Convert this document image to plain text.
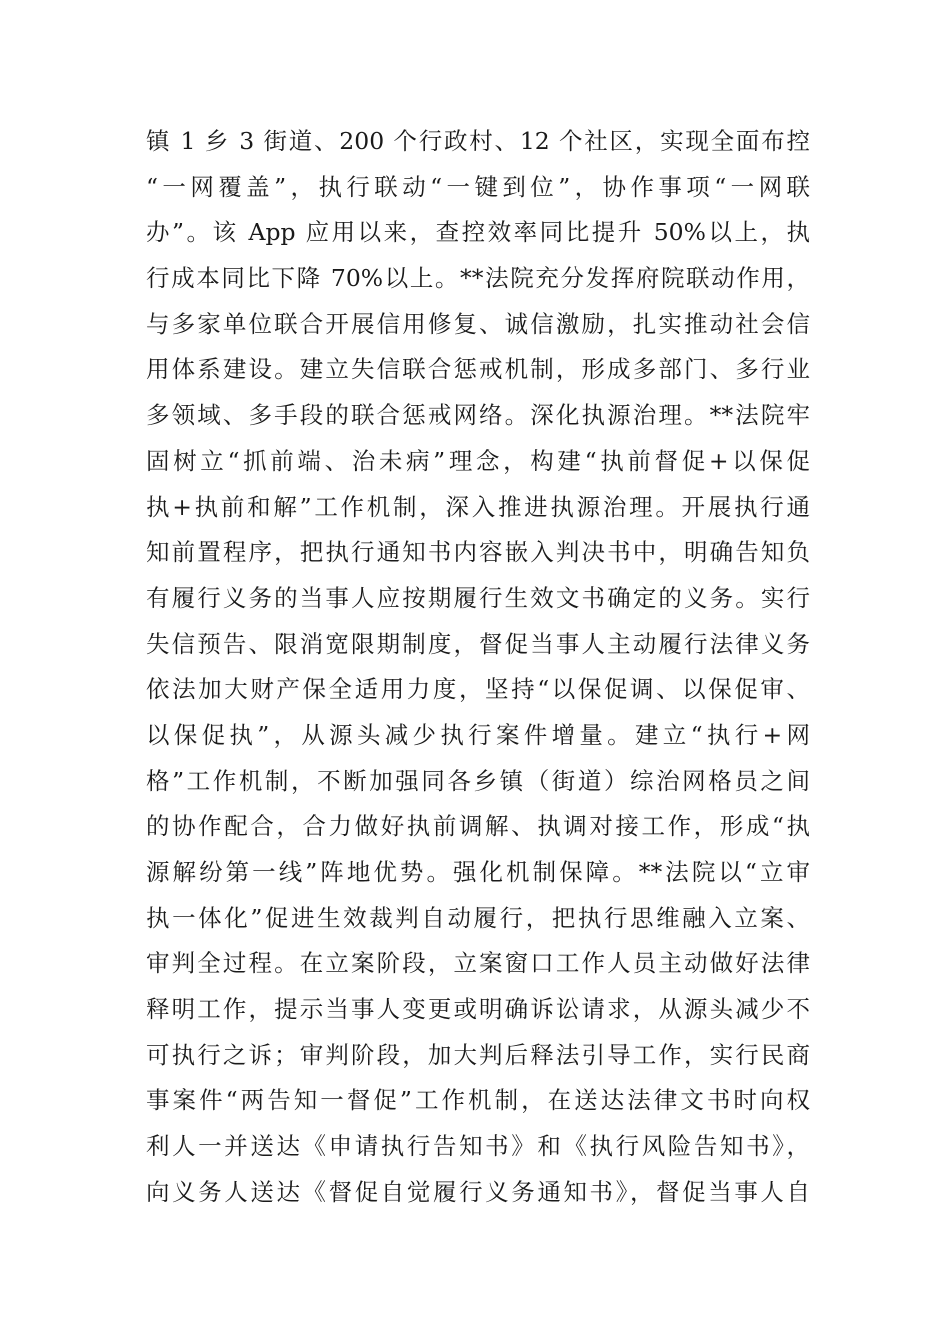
镇 1 乡 3 街道、200 个行政村、12 个社区，实现全面布控
“一网覆盖”，执行联动“一键到位”，协作事项“一网联
办”。该 App 应用以来，查控效率同比提升 50%以上，执
行成本同比下降 70%以上。**法院充分发挥府院联动作用，
与多家单位联合开展信用修复、诚信激励，扎实推动社会信
用体系建设。建立失信联合惩戒机制，形成多部门、多行业
多领域、多手段的联合惩戒网络。深化执源治理。**法院牢
固树立“抓前端、治未病”理念，构建“执前督促+以保促
执+执前和解”工作机制，深入推进执源治理。开展执行通
知前置程序，把执行通知书内容嵌入判决书中，明确告知负
有履行义务的当事人应按期履行生效文书确定的义务。实行
失信预告、限消宽限期制度，督促当事人主动履行法律义务
依法加大财产保全适用力度，坚持“以保促调、以保促审、
以保促执”，从源头减少执行案件增量。建立“执行+网
格”工作机制，不断加强同各乡镇（街道）综治网格员之间
的协作配合，合力做好执前调解、执调对接工作，形成“执
源解纷第一线”阵地优势。强化机制保障。**法院以“立审
执一体化”促进生效裁判自动履行，把执行思维融入立案、
审判全过程。在立案阶段，立案窗口工作人员主动做好法律
释明工作，提示当事人变更或明确诉讼请求，从源头减少不
可执行之诉；审判阶段，加大判后释法引导工作，实行民商
事案件“两告知一督促”工作机制，在送达法律文书时向权
利人一并送达《申请执行告知书》和《执行风险告知书》，
向义务人送达《督促自觉履行义务通知书》，督促当事人自
